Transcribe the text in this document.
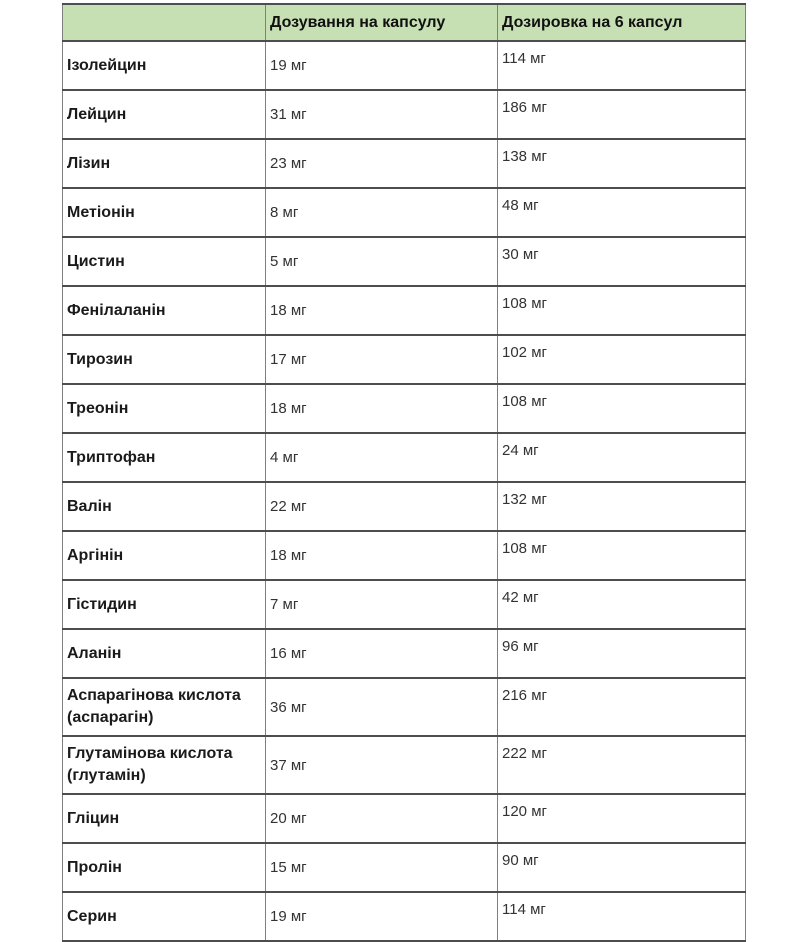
	Дозування на капсулу	Дозировка на 6 капсул
Ізолейцин	19 мг	114 мг
Лейцин	31 мг	186 мг
Лізин	23 мг	138 мг
Метіонін	8 мг	48 мг
Цистин	5 мг	30 мг
Фенілаланін	18 мг	108 мг
Тирозин	17 мг	102 мг
Треонін	18 мг	108 мг
Триптофан	4 мг	24 мг
Валін	22 мг	132 мг
Аргінін	18 мг	108 мг
Гістидин	7 мг	42 мг
Аланін	16 мг	96 мг
Аспарагінова кислота (аспарагін)	36 мг	216 мг
Глутамінова кислота (глутамін)	37 мг	222 мг
Гліцин	20 мг	120 мг
Пролін	15 мг	90 мг
Серин	19 мг	114 мг
